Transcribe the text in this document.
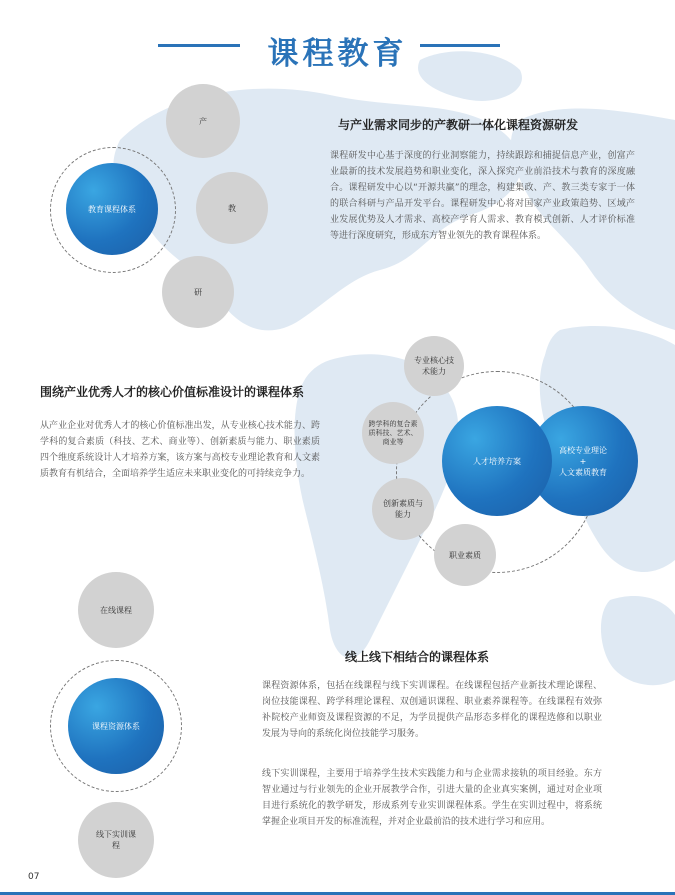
课程教育
教育课程体系
产
教
研
与产业需求同步的产教研一体化课程资源研发
课程研发中心基于深度的行业洞察能力，持续跟踪和捕捉信息产业，创富产业最新的技术发展趋势和职业变化，深入探究产业前沿技术与教育的深度融合。课程研发中心以“开源共赢”的理念，构建集政、产、教三类专家于一体的联合科研与产品开发平台。课程研发中心将对国家产业政策趋势、区域产业发展优势及人才需求、高校产学育人需求、教育模式创新、人才评价标准等进行深度研究，形成东方智业领先的教育课程体系。
围绕产业优秀人才的核心价值标准设计的课程体系
从产业企业对优秀人才的核心价值标准出发，从专业核心技术能力、跨学科的复合素质（科技、艺术、商业等）、创新素质与能力、职业素质四个维度系统设计人才培养方案，该方案与高校专业理论教育和人文素质教育有机结合，全面培养学生适应未来职业变化的可持续竞争力。
高校专业理论
+
人文素质教育
人才培养方案
专业核心技术能力
跨学科的复合素质科技、艺术、商业等
创新素质与能力
职业素质
在线课程
课程资源体系
线下实训课程
线上线下相结合的课程体系
课程资源体系，包括在线课程与线下实训课程。在线课程包括产业新技术理论课程、岗位技能课程、跨学科理论课程、双创通识课程、职业素养课程等。在线课程有效弥补院校产业师资及课程资源的不足，为学员提供产品形态多样化的课程选修和以职业发展为导向的系统化岗位技能学习服务。
线下实训课程，主要用于培养学生技术实践能力和与企业需求接轨的项目经验。东方智业通过与行业领先的企业开展教学合作，引进大量的企业真实案例，通过对企业项目进行系统化的教学研发，形成系列专业实训课程体系。学生在实训过程中，将系统掌握企业项目开发的标准流程，并对企业最前沿的技术进行学习和应用。
07
